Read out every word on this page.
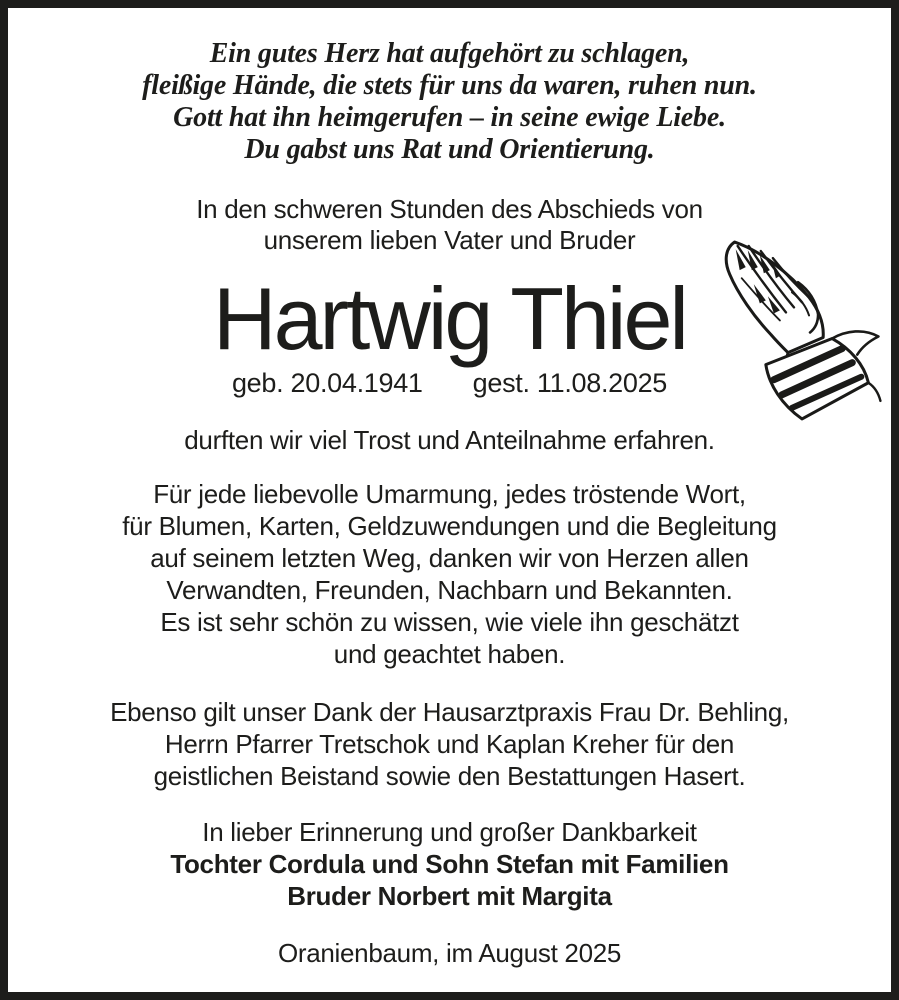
Ein gutes Herz hat aufgehört zu schlagen,
fleißige Hände, die stets für uns da waren, ruhen nun.
Gott hat ihn heimgerufen – in seine ewige Liebe.
Du gabst uns Rat und Orientierung.
In den schweren Stunden des Abschieds von
unserem lieben Vater und Bruder
Hartwig Thiel
geb. 20.04.1941 gest. 11.08.2025
durften wir viel Trost und Anteilnahme erfahren.
Für jede liebevolle Umarmung, jedes tröstende Wort,
für Blumen, Karten, Geldzuwendungen und die Begleitung
auf seinem letzten Weg, danken wir von Herzen allen
Verwandten, Freunden, Nachbarn und Bekannten.
Es ist sehr schön zu wissen, wie viele ihn geschätzt
und geachtet haben.
Ebenso gilt unser Dank der Hausarztpraxis Frau Dr. Behling,
Herrn Pfarrer Tretschok und Kaplan Kreher für den
geistlichen Beistand sowie den Bestattungen Hasert.
In lieber Erinnerung und großer Dankbarkeit
Tochter Cordula und Sohn Stefan mit Familien
Bruder Norbert mit Margita
Oranienbaum, im August 2025
